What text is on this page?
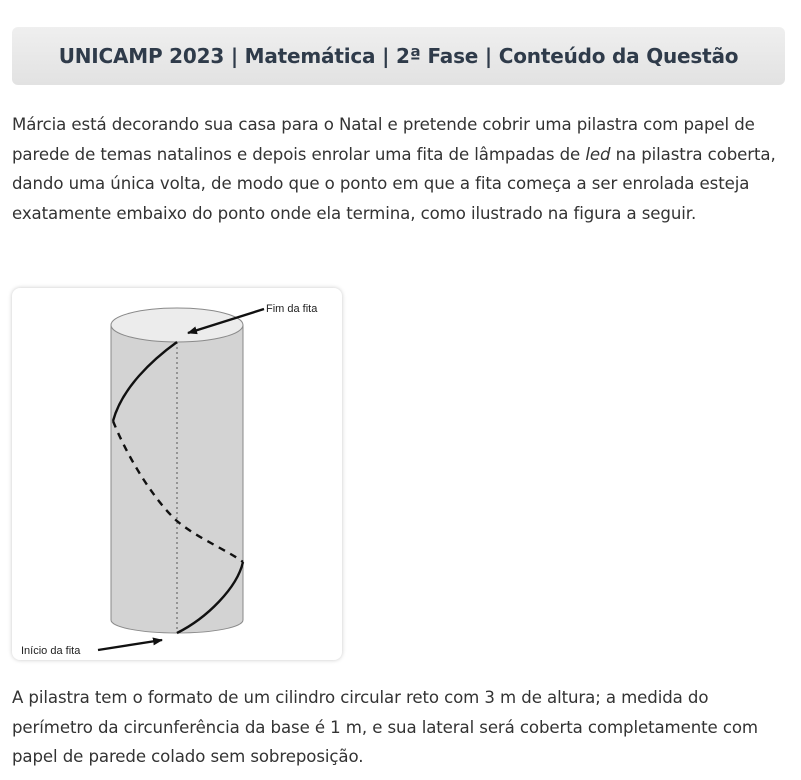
UNICAMP 2023 | Matemática | 2ª Fase | Conteúdo da Questão

Márcia está decorando sua casa para o Natal e pretende cobrir uma pilastra com papel de parede de temas natalinos e depois enrolar uma fita de lâmpadas de led na pilastra coberta, dando uma única volta, de modo que o ponto em que a fita começa a ser enrolada esteja exatamente embaixo do ponto onde ela termina, como ilustrado na figura a seguir.

Fim da fita
Início da fita

A pilastra tem o formato de um cilindro circular reto com 3 m de altura; a medida do perímetro da circunferência da base é 1 m, e sua lateral será coberta completamente com papel de parede colado sem sobreposição.
